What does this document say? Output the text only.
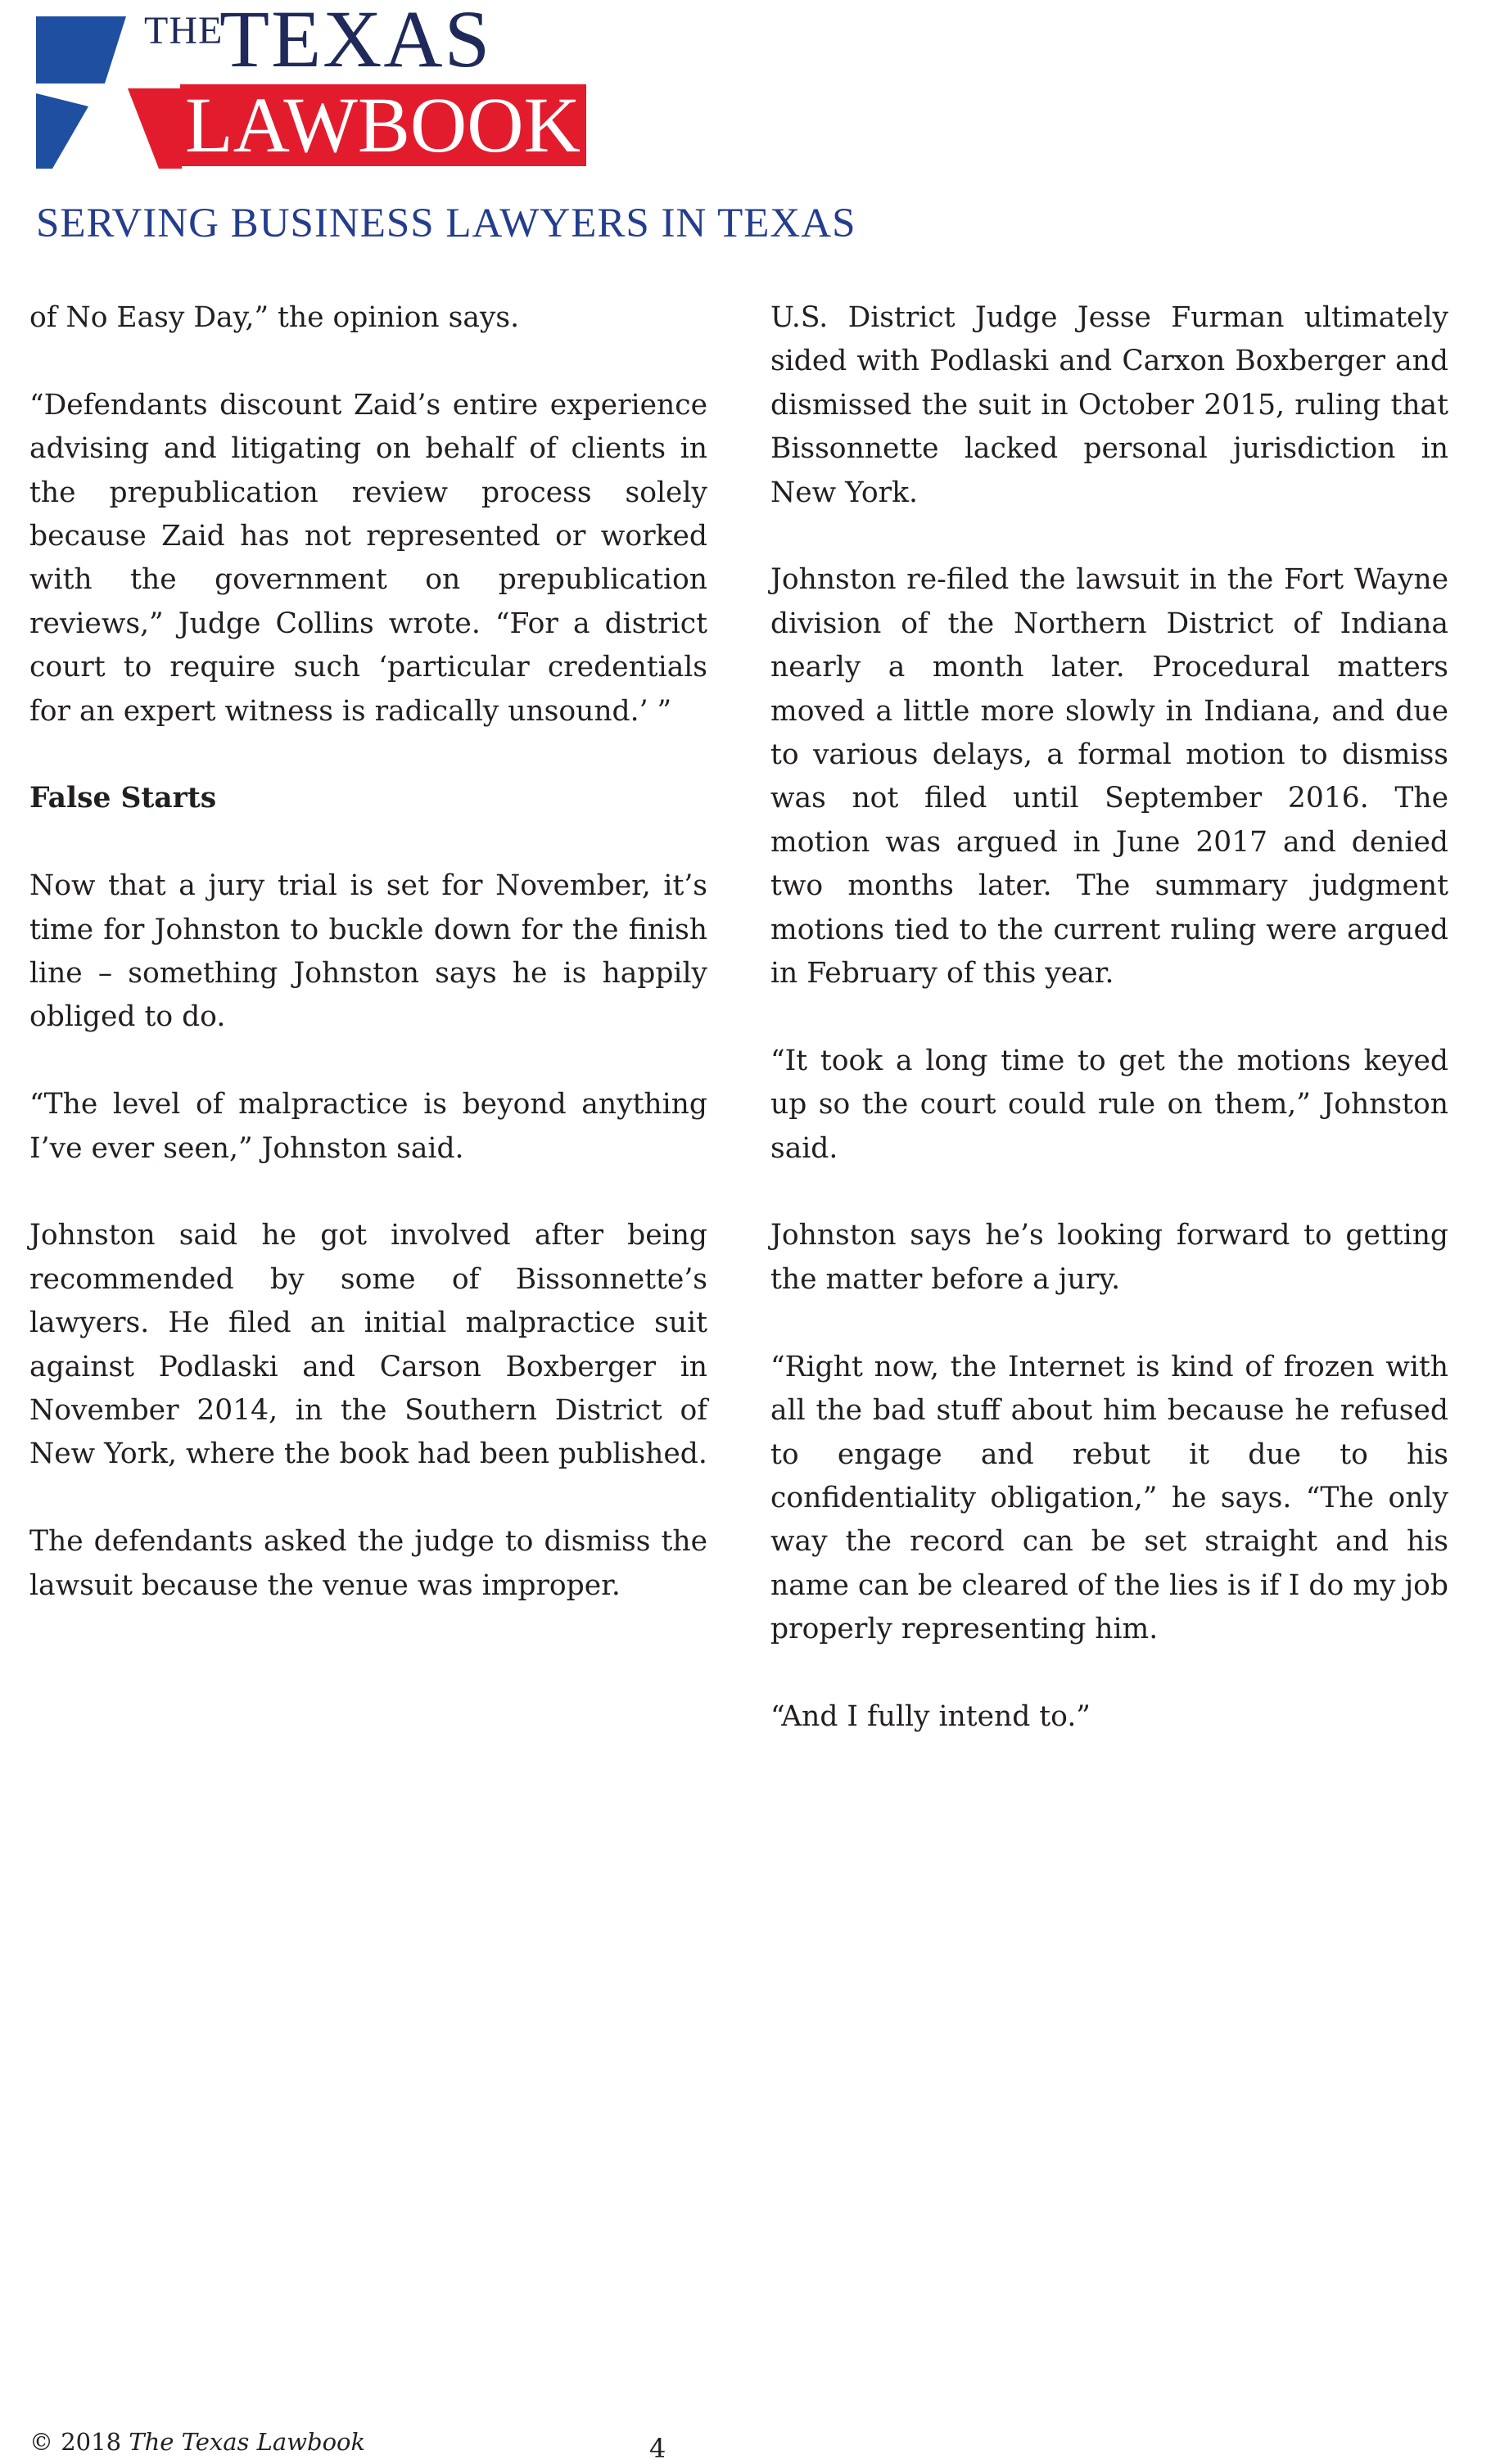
THE
TEXAS
LAWBOOK
SERVING BUSINESS LAWYERS IN TEXAS

of No Easy Day,” the opinion says.

“Defendants discount Zaid’s entire experience advising and litigating on behalf of clients in the prepublication review process solely because Zaid has not represented or worked with the government on prepublication reviews,” Judge Collins wrote. “For a district court to require such ‘particular credentials for an expert witness is radically unsound.’ ”

False Starts

Now that a jury trial is set for November, it’s time for Johnston to buckle down for the finish line – something Johnston says he is happily obliged to do.

“The level of malpractice is beyond anything I’ve ever seen,” Johnston said.

Johnston said he got involved after being recommended by some of Bissonnette’s lawyers. He filed an initial malpractice suit against Podlaski and Carson Boxberger in November 2014, in the Southern District of New York, where the book had been published.

The defendants asked the judge to dismiss the lawsuit because the venue was improper.

U.S. District Judge Jesse Furman ultimately sided with Podlaski and Carxon Boxberger and dismissed the suit in October 2015, ruling that Bissonnette lacked personal jurisdiction in New York.

Johnston re-filed the lawsuit in the Fort Wayne division of the Northern District of Indiana nearly a month later. Procedural matters moved a little more slowly in Indiana, and due to various delays, a formal motion to dismiss was not filed until September 2016. The motion was argued in June 2017 and denied two months later. The summary judgment motions tied to the current ruling were argued in February of this year.

“It took a long time to get the motions keyed up so the court could rule on them,” Johnston said.

Johnston says he’s looking forward to getting the matter before a jury.

“Right now, the Internet is kind of frozen with all the bad stuff about him because he refused to engage and rebut it due to his confidentiality obligation,” he says. “The only way the record can be set straight and his name can be cleared of the lies is if I do my job properly representing him.

“And I fully intend to.”

© 2018 The Texas Lawbook	4
